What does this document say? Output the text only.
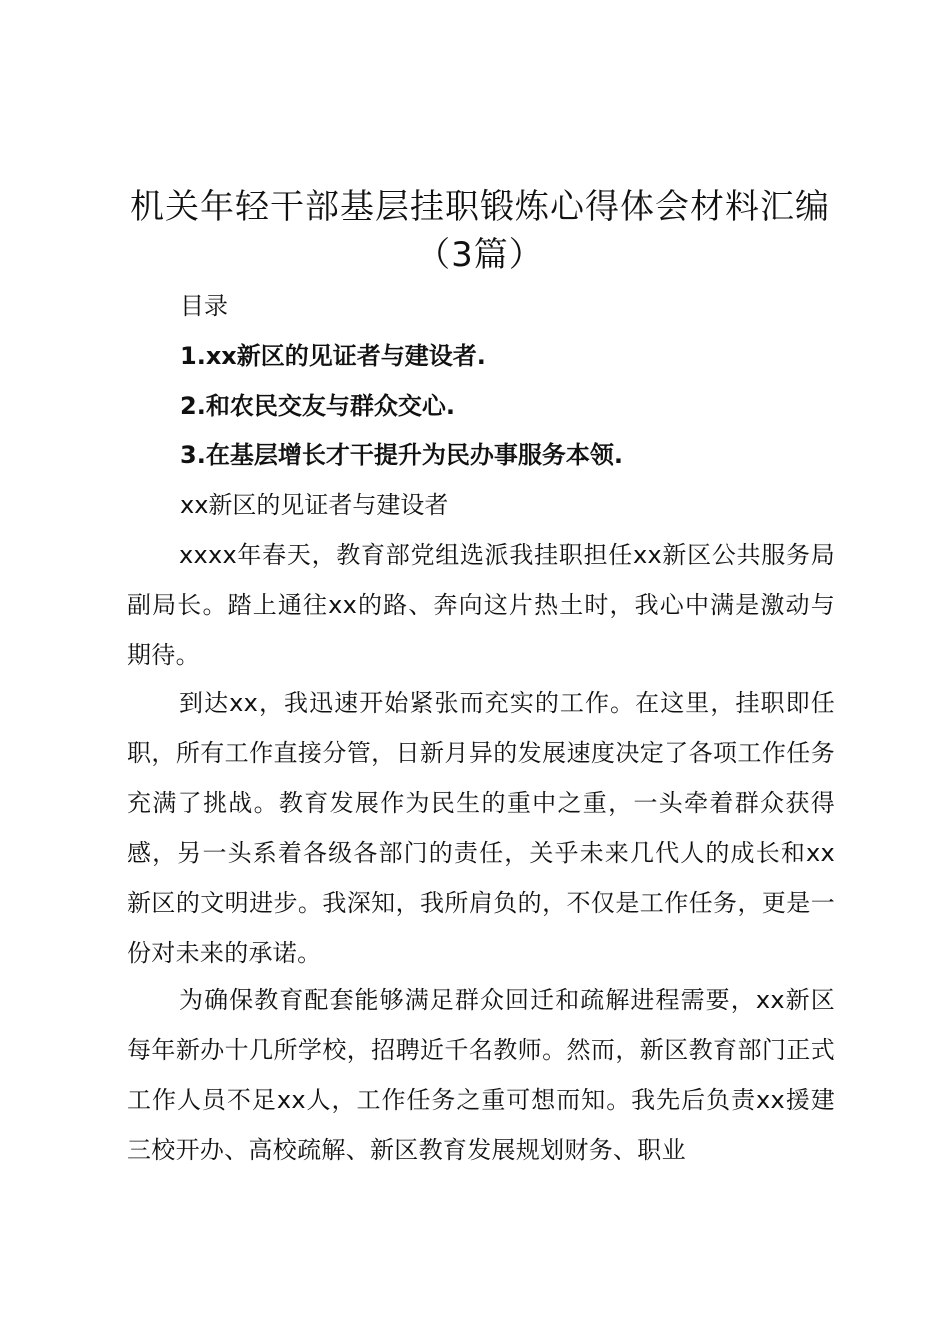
机关年轻干部基层挂职锻炼心得体会材料汇编
（3篇）
目录
1.xx新区的见证者与建设者.
2.和农民交友与群众交心.
3.在基层增长才干提升为民办事服务本领.
xx新区的见证者与建设者

xxxx年春天，教育部党组选派我挂职担任xx新区公共服务局副局长。踏上通往xx的路、奔向这片热土时，我心中满是激动与期待。

到达xx，我迅速开始紧张而充实的工作。在这里，挂职即任职，所有工作直接分管，日新月异的发展速度决定了各项工作任务充满了挑战。教育发展作为民生的重中之重，一头牵着群众获得感，另一头系着各级各部门的责任，关乎未来几代人的成长和xx新区的文明进步。我深知，我所肩负的，不仅是工作任务，更是一份对未来的承诺。

为确保教育配套能够满足群众回迁和疏解进程需要，xx新区每年新办十几所学校，招聘近千名教师。然而，新区教育部门正式工作人员不足xx人，工作任务之重可想而知。我先后负责xx援建三校开办、高校疏解、新区教育发展规划财务、职业
